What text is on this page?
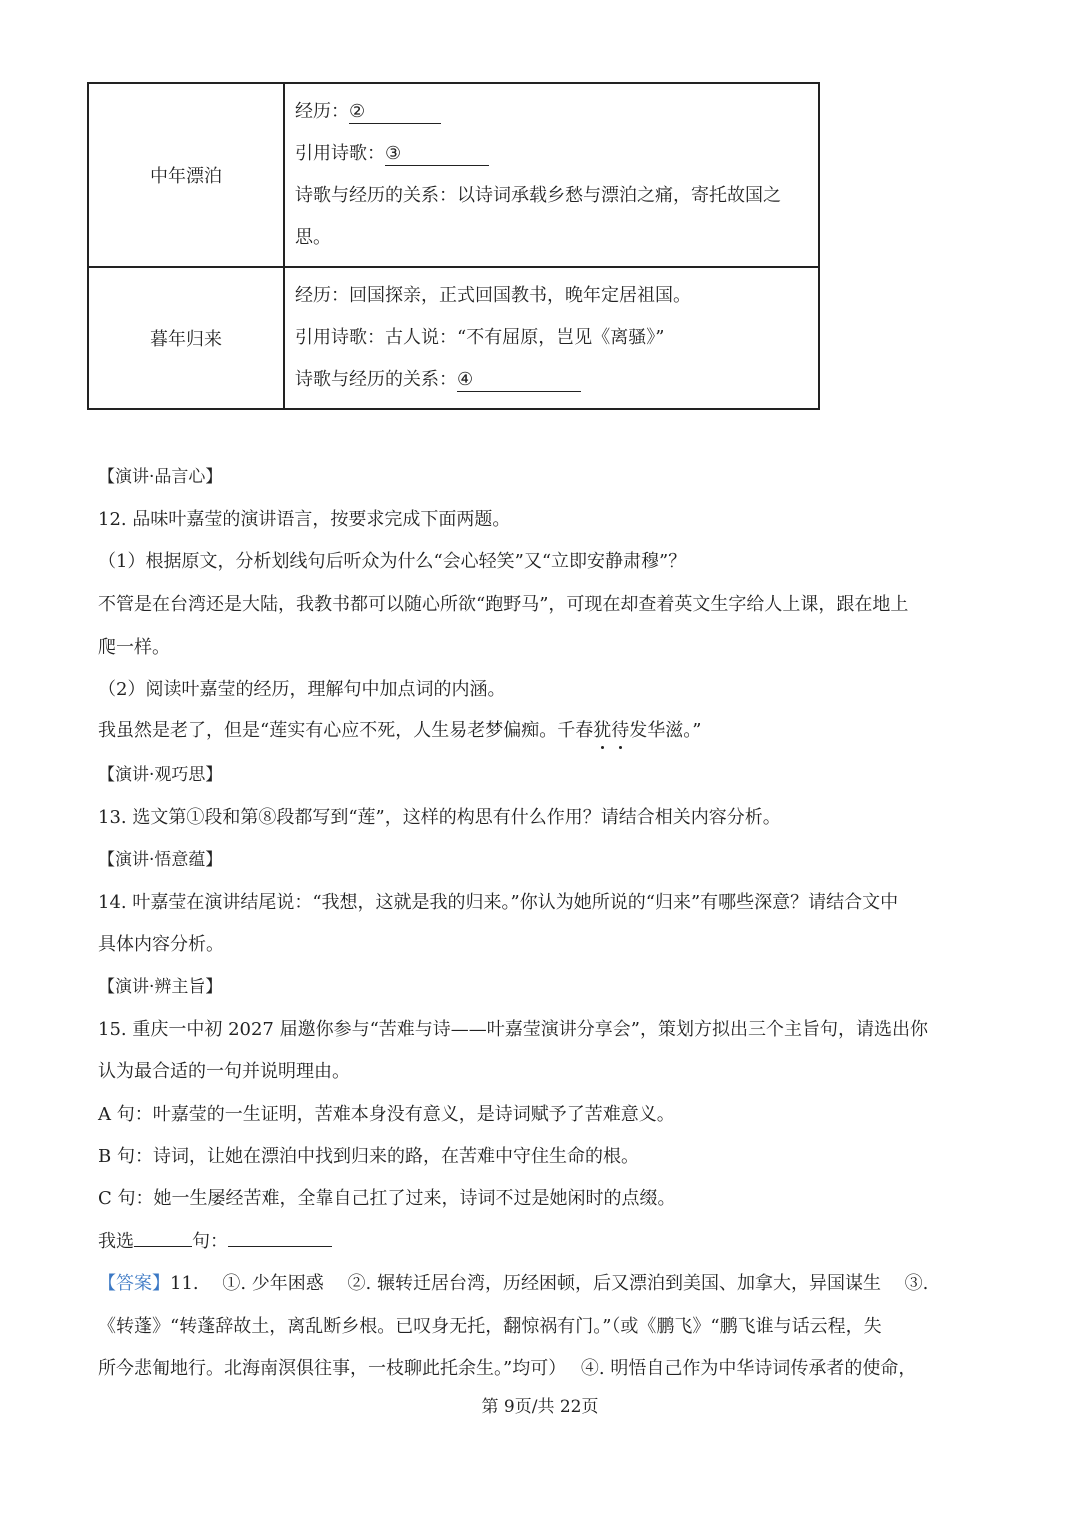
中年漂泊	经历：②
引用诗歌：③
诗歌与经历的关系：以诗词承载乡愁与漂泊之痛，寄托故国之
思。

暮年归来	经历：回国探亲，正式回国教书，晚年定居祖国。
引用诗歌：古人说：“不有屈原，岂见《离骚》”
诗歌与经历的关系：④
【演讲·品言心】
12. 品味叶嘉莹的演讲语言，按要求完成下面两题。
（1）根据原文，分析划线句后听众为什么“会心轻笑”又“立即安静肃穆”？
不管是在台湾还是大陆，我教书都可以随心所欲“跑野马”，可现在却查着英文生字给人上课，跟在地上
爬一样。
（2）阅读叶嘉莹的经历，理解句中加点词的内涵。
我虽然是老了，但是“莲实有心应不死，人生易老梦偏痴。千春犹待发华滋。”
【演讲·观巧思】
13. 选文第①段和第⑧段都写到“莲”，这样的构思有什么作用？请结合相关内容分析。
【演讲·悟意蕴】
14. 叶嘉莹在演讲结尾说：“我想，这就是我的归来。”你认为她所说的“归来”有哪些深意？请结合文中
具体内容分析。
【演讲·辨主旨】
15. 重庆一中初 2027 届邀你参与“苦难与诗——叶嘉莹演讲分享会”，策划方拟出三个主旨句，请选出你
认为最合适的一句并说明理由。
A 句：叶嘉莹的一生证明，苦难本身没有意义，是诗词赋予了苦难意义。
B 句：诗词，让她在漂泊中找到归来的路，在苦难中守住生命的根。
C 句：她一生屡经苦难，全靠自己扛了过来，诗词不过是她闲时的点缀。
我选	句：
【答案】11.　 ①. 少年困惑　 ②. 辗转迁居台湾，历经困顿，后又漂泊到美国、加拿大，异国谋生　 ③.
《转蓬》“转蓬辞故土，离乱断乡根。已叹身无托，翻惊祸有门。”（或《鹏飞》“鹏飞谁与话云程，失
所今悲匍地行。北海南溟俱往事，一枝聊此托余生。”均可）　 ④. 明悟自己作为中华诗词传承者的使命，
第 9页/共 22页
